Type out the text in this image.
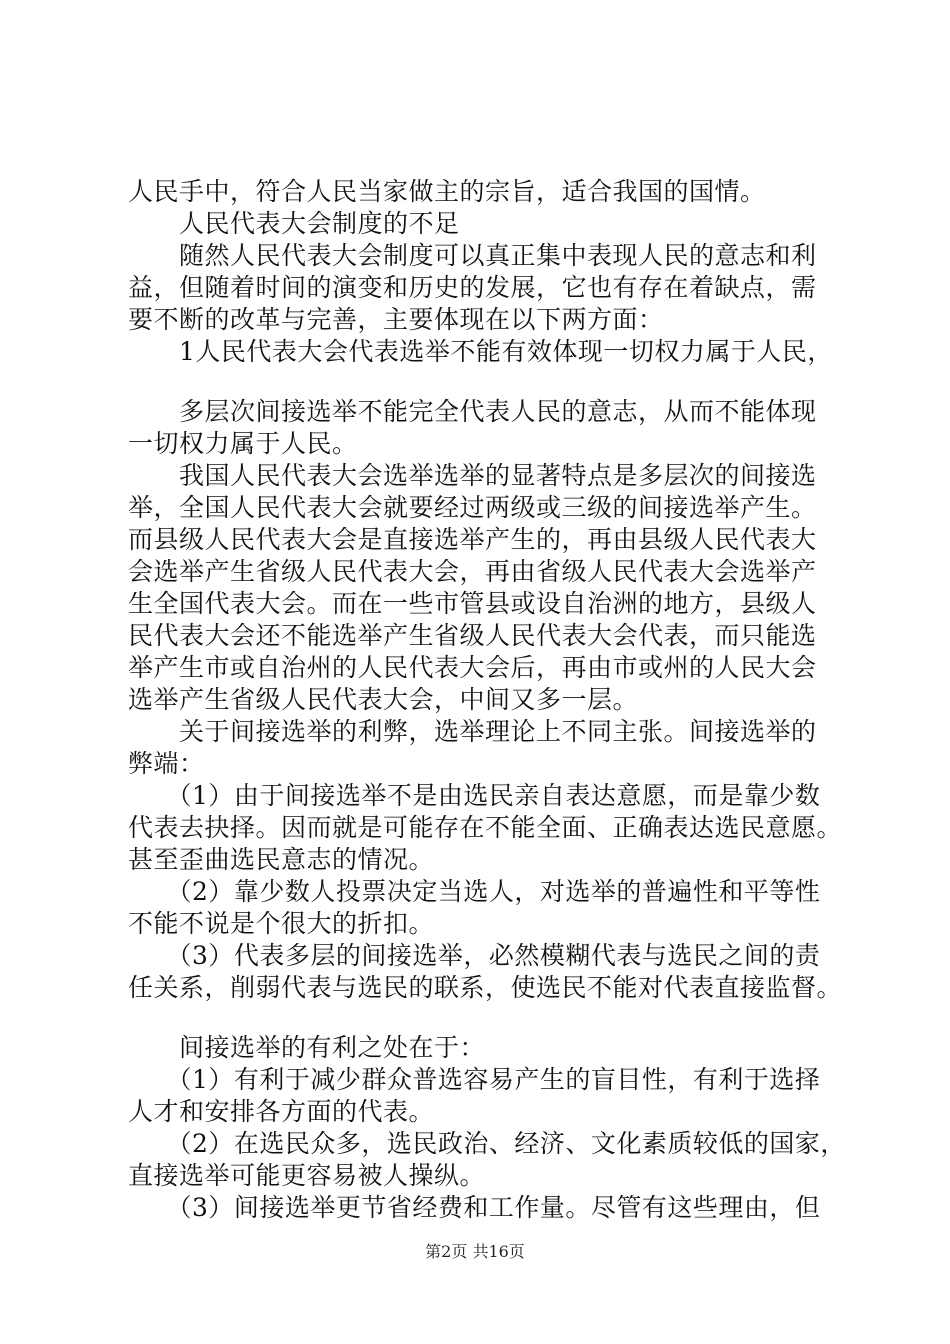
人民手中，符合人民当家做主的宗旨，适合我国的国情。
　　人民代表大会制度的不足
　　随然人民代表大会制度可以真正集中表现人民的意志和利
益，但随着时间的演变和历史的发展，它也有存在着缺点，需
要不断的改革与完善，主要体现在以下两方面：
　　1人民代表大会代表选举不能有效体现一切权力属于人民，
　　多层次间接选举不能完全代表人民的意志，从而不能体现
一切权力属于人民。
　　我国人民代表大会选举选举的显著特点是多层次的间接选
举，全国人民代表大会就要经过两级或三级的间接选举产生。
而县级人民代表大会是直接选举产生的，再由县级人民代表大
会选举产生省级人民代表大会，再由省级人民代表大会选举产
生全国代表大会。而在一些市管县或设自治洲的地方，县级人
民代表大会还不能选举产生省级人民代表大会代表，而只能选
举产生市或自治州的人民代表大会后，再由市或州的人民大会
选举产生省级人民代表大会，中间又多一层。
　　关于间接选举的利弊，选举理论上不同主张。间接选举的
弊端：
　　（1）由于间接选举不是由选民亲自表达意愿，而是靠少数
代表去抉择。因而就是可能存在不能全面、正确表达选民意愿。
甚至歪曲选民意志的情况。
　　（2）靠少数人投票决定当选人，对选举的普遍性和平等性
不能不说是个很大的折扣。
　　（3）代表多层的间接选举，必然模糊代表与选民之间的责
任关系，削弱代表与选民的联系，使选民不能对代表直接监督。
　　间接选举的有利之处在于：
　　（1）有利于减少群众普选容易产生的盲目性，有利于选择
人才和安排各方面的代表。
　　（2）在选民众多，选民政治、经济、文化素质较低的国家，
直接选举可能更容易被人操纵。
　　（3）间接选举更节省经费和工作量。尽管有这些理由，但
第2页 共16页
